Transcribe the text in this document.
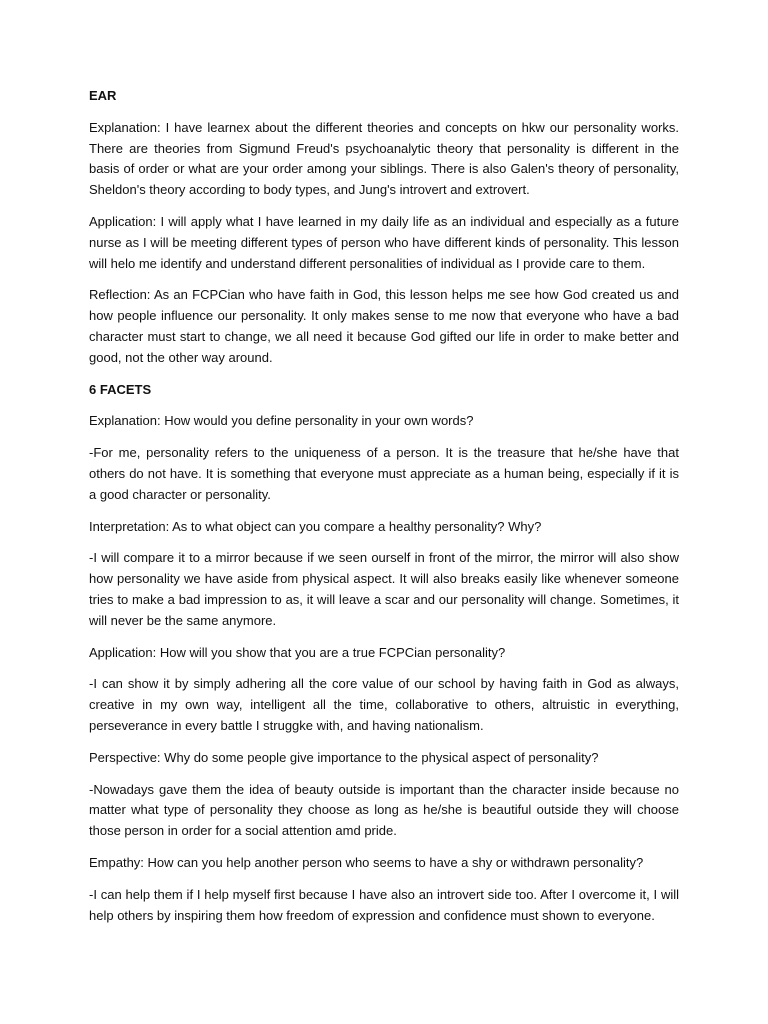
EAR

Explanation: I have learnex about the different theories and concepts on hkw our personality works. There are theories from Sigmund Freud's psychoanalytic theory that personality is different in the basis of order or what are your order among your siblings. There is also Galen's theory of personality, Sheldon's theory according to body types, and Jung's introvert and extrovert.

Application: I will apply what I have learned in my daily life as an individual and especially as a future nurse as I will be meeting different types of person who have different kinds of personality. This lesson will helo me identify and understand different personalities of individual as I provide care to them.

Reflection: As an FCPCian who have faith in God, this lesson helps me see how God created us and how people influence our personality. It only makes sense to me now that everyone who have a bad character must start to change, we all need it because God gifted our life in order to make better and good, not the other way around.

6 FACETS

Explanation: How would you define personality in your own words?

-For me, personality refers to the uniqueness of a person. It is the treasure that he/she have that others do not have. It is something that everyone must appreciate as a human being, especially if it is a good character or personality.

Interpretation: As to what object can you compare a healthy personality? Why?

-I will compare it to a mirror because if we seen ourself in front of the mirror, the mirror will also show how personality we have aside from physical aspect. It will also breaks easily like whenever someone tries to make a bad impression to as, it will leave a scar and our personality will change. Sometimes, it will never be the same anymore.

Application: How will you show that you are a true FCPCian personality?

-I can show it by simply adhering all the core value of our school by having faith in God as always, creative in my own way, intelligent all the time, collaborative to others, altruistic in everything, perseverance in every battle I struggke with, and having nationalism.

Perspective: Why do some people give importance to the physical aspect of personality?

-Nowadays gave them the idea of beauty outside is important than the character inside because no matter what type of personality they choose as long as he/she is beautiful outside they will choose those person in order for a social attention amd pride.

Empathy: How can you help another person who seems to have a shy or withdrawn personality?

-I can help them if I help myself first because I have also an introvert side too. After I overcome it, I will help others by inspiring them how freedom of expression and confidence must shown to everyone.
